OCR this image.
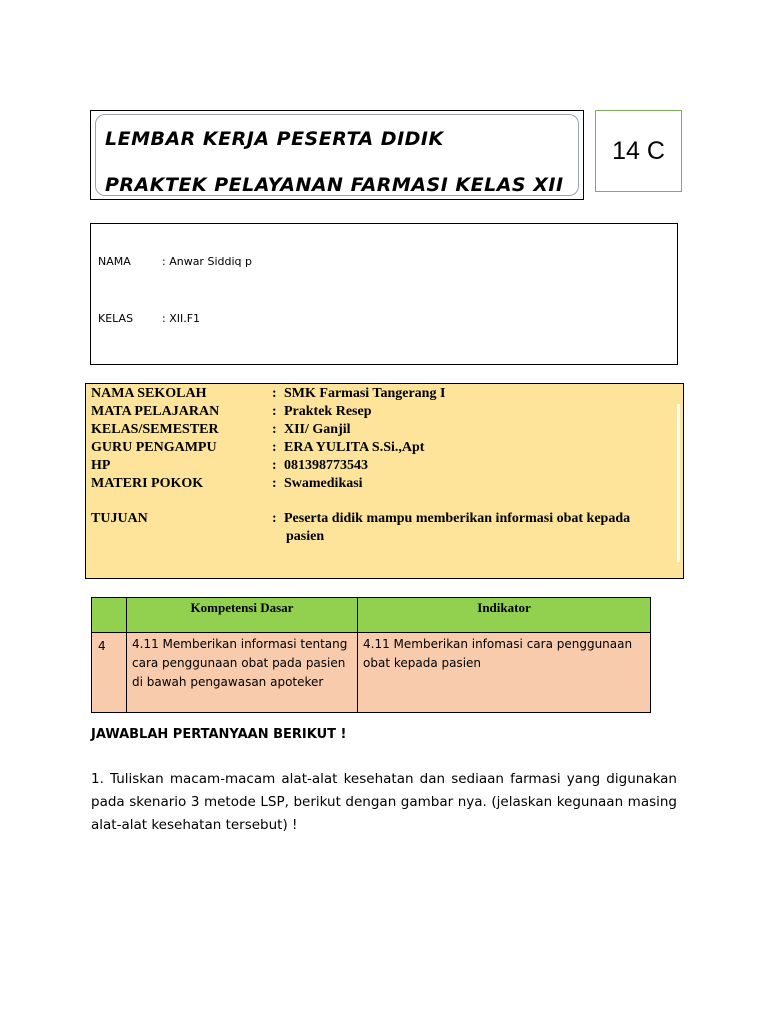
LEMBAR KERJA PESERTA DIDIK
PRAKTEK PELAYANAN FARMASI KELAS XII
14 C
NAMA	: Anwar Siddiq p
KELAS	: XII.F1
NAMA SEKOLAH	: SMK Farmasi Tangerang I
MATA PELAJARAN	: Praktek Resep
KELAS/SEMESTER	: XII/ Ganjil
GURU PENGAMPU	: ERA YULITA S.Si.,Apt
HP	: 081398773543
MATERI POKOK	: Swamedikasi
TUJUAN	: Peserta didik mampu memberikan informasi obat kepada
pasien
	Kompetensi Dasar	Indikator
4	4.11 Memberikan informasi tentang cara penggunaan obat pada pasien di bawah pengawasan apoteker	4.11 Memberikan infomasi cara penggunaan obat kepada pasien
JAWABLAH PERTANYAAN BERIKUT !
1. Tuliskan macam-macam alat-alat kesehatan dan sediaan farmasi yang digunakan pada skenario 3 metode LSP, berikut dengan gambar nya. (jelaskan kegunaan masing alat-alat kesehatan tersebut) !
